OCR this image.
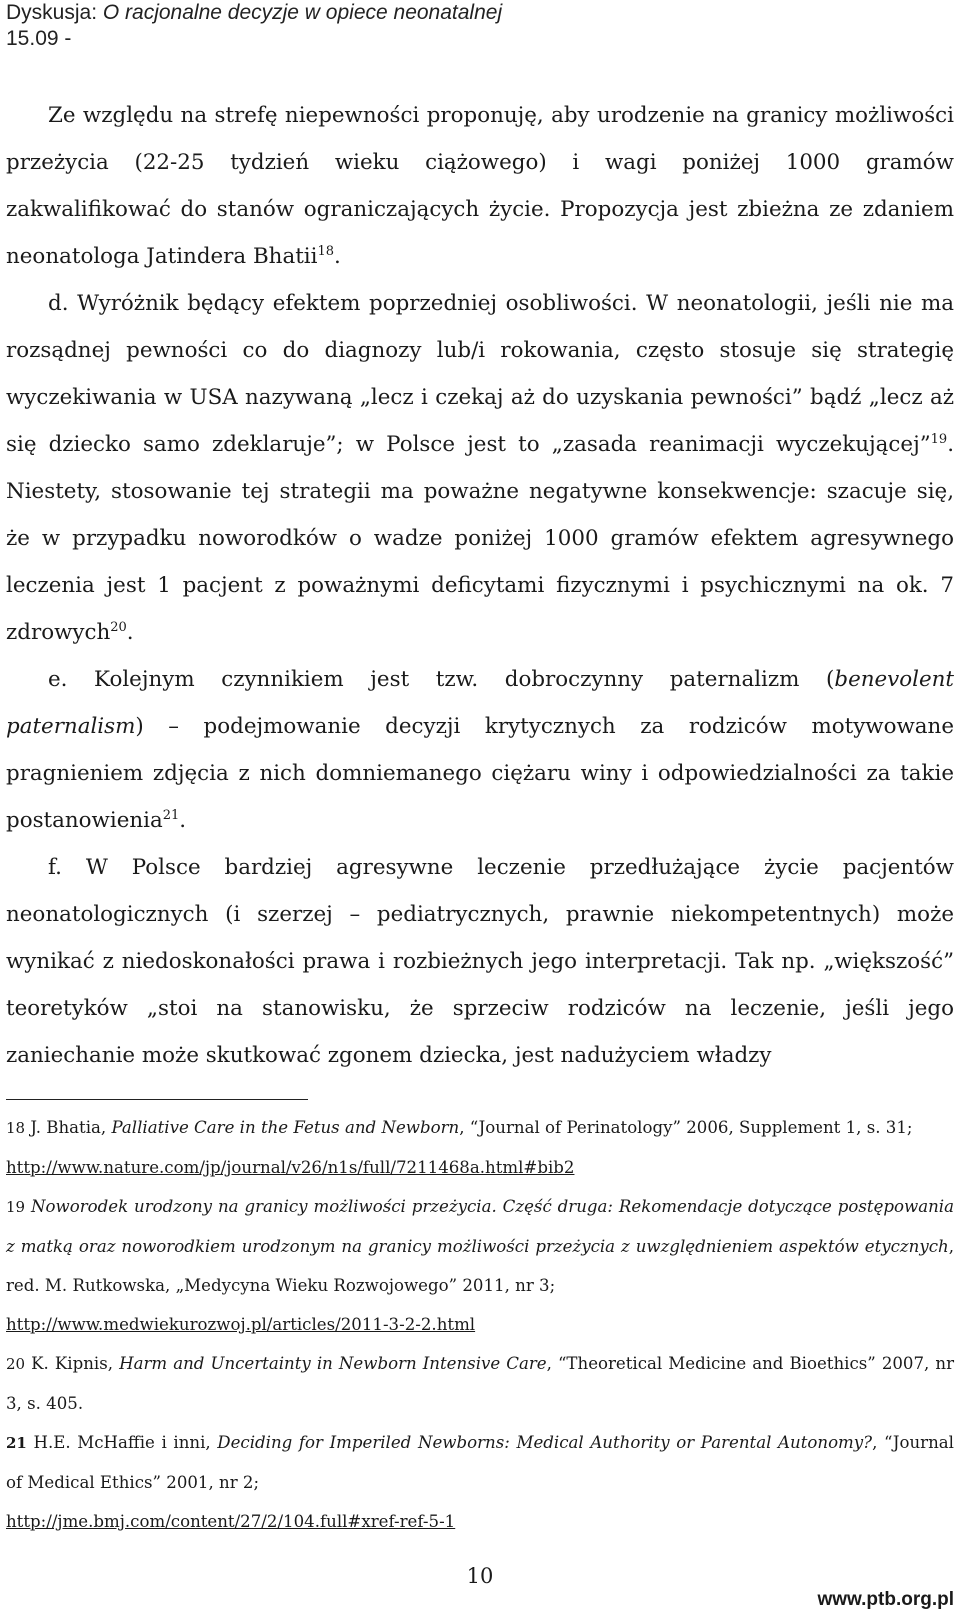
Dyskusja: O racjonalne decyzje w opiece neonatalnej
15.09 -

Ze względu na strefę niepewności proponuję, aby urodzenie na granicy możliwości przeżycia (22-25 tydzień wieku ciążowego) i wagi poniżej 1000 gramów zakwalifikować do stanów ograniczających życie. Propozycja jest zbieżna ze zdaniem neonatologa Jatindera Bhatii$^{18}$.

d. Wyróżnik będący efektem poprzedniej osobliwości. W neonatologii, jeśli nie ma rozsądnej pewności co do diagnozy lub/i rokowania, często stosuje się strategię wyczekiwania w USA nazywaną „lecz i czekaj aż do uzyskania pewności” bądź „lecz aż się dziecko samo zdeklaruje”; w Polsce jest to „zasada reanimacji wyczekującej”$^{19}$. Niestety, stosowanie tej strategii ma poważne negatywne konsekwencje: szacuje się, że w przypadku noworodków o wadze poniżej 1000 gramów efektem agresywnego leczenia jest 1 pacjent z poważnymi deficytami fizycznymi i psychicznymi na ok. 7 zdrowych$^{20}$.

e. Kolejnym czynnikiem jest tzw. dobroczynny paternalizm (benevolent paternalism) – podejmowanie decyzji krytycznych za rodziców motywowane pragnieniem zdjęcia z nich domniemanego ciężaru winy i odpowiedzialności za takie postanowienia$^{21}$.

f. W Polsce bardziej agresywne leczenie przedłużające życie pacjentów neonatologicznych (i szerzej – pediatrycznych, prawnie niekompetentnych) może wynikać z niedoskonałości prawa i rozbieżnych jego interpretacji. Tak np. „większość” teoretyków „stoi na stanowisku, że sprzeciw rodziców na leczenie, jeśli jego zaniechanie może skutkować zgonem dziecka, jest nadużyciem władzy

18 J. Bhatia, Palliative Care in the Fetus and Newborn, “Journal of Perinatology” 2006, Supplement 1, s. 31;
http://www.nature.com/jp/journal/v26/n1s/full/7211468a.html#bib2

19 Noworodek urodzony na granicy możliwości przeżycia. Część druga: Rekomendacje dotyczące postępowania z matką oraz noworodkiem urodzonym na granicy możliwości przeżycia z uwzględnieniem aspektów etycznych, red. M. Rutkowska, „Medycyna Wieku Rozwojowego” 2011, nr 3;
http://www.medwiekurozwoj.pl/articles/2011-3-2-2.html

20 K. Kipnis, Harm and Uncertainty in Newborn Intensive Care, “Theoretical Medicine and Bioethics” 2007, nr 3, s. 405.

21 H.E. McHaffie i inni, Deciding for Imperiled Newborns: Medical Authority or Parental Autonomy?, “Journal of Medical Ethics” 2001, nr 2;
http://jme.bmj.com/content/27/2/104.full#xref-ref-5-1

10
www.ptb.org.pl
